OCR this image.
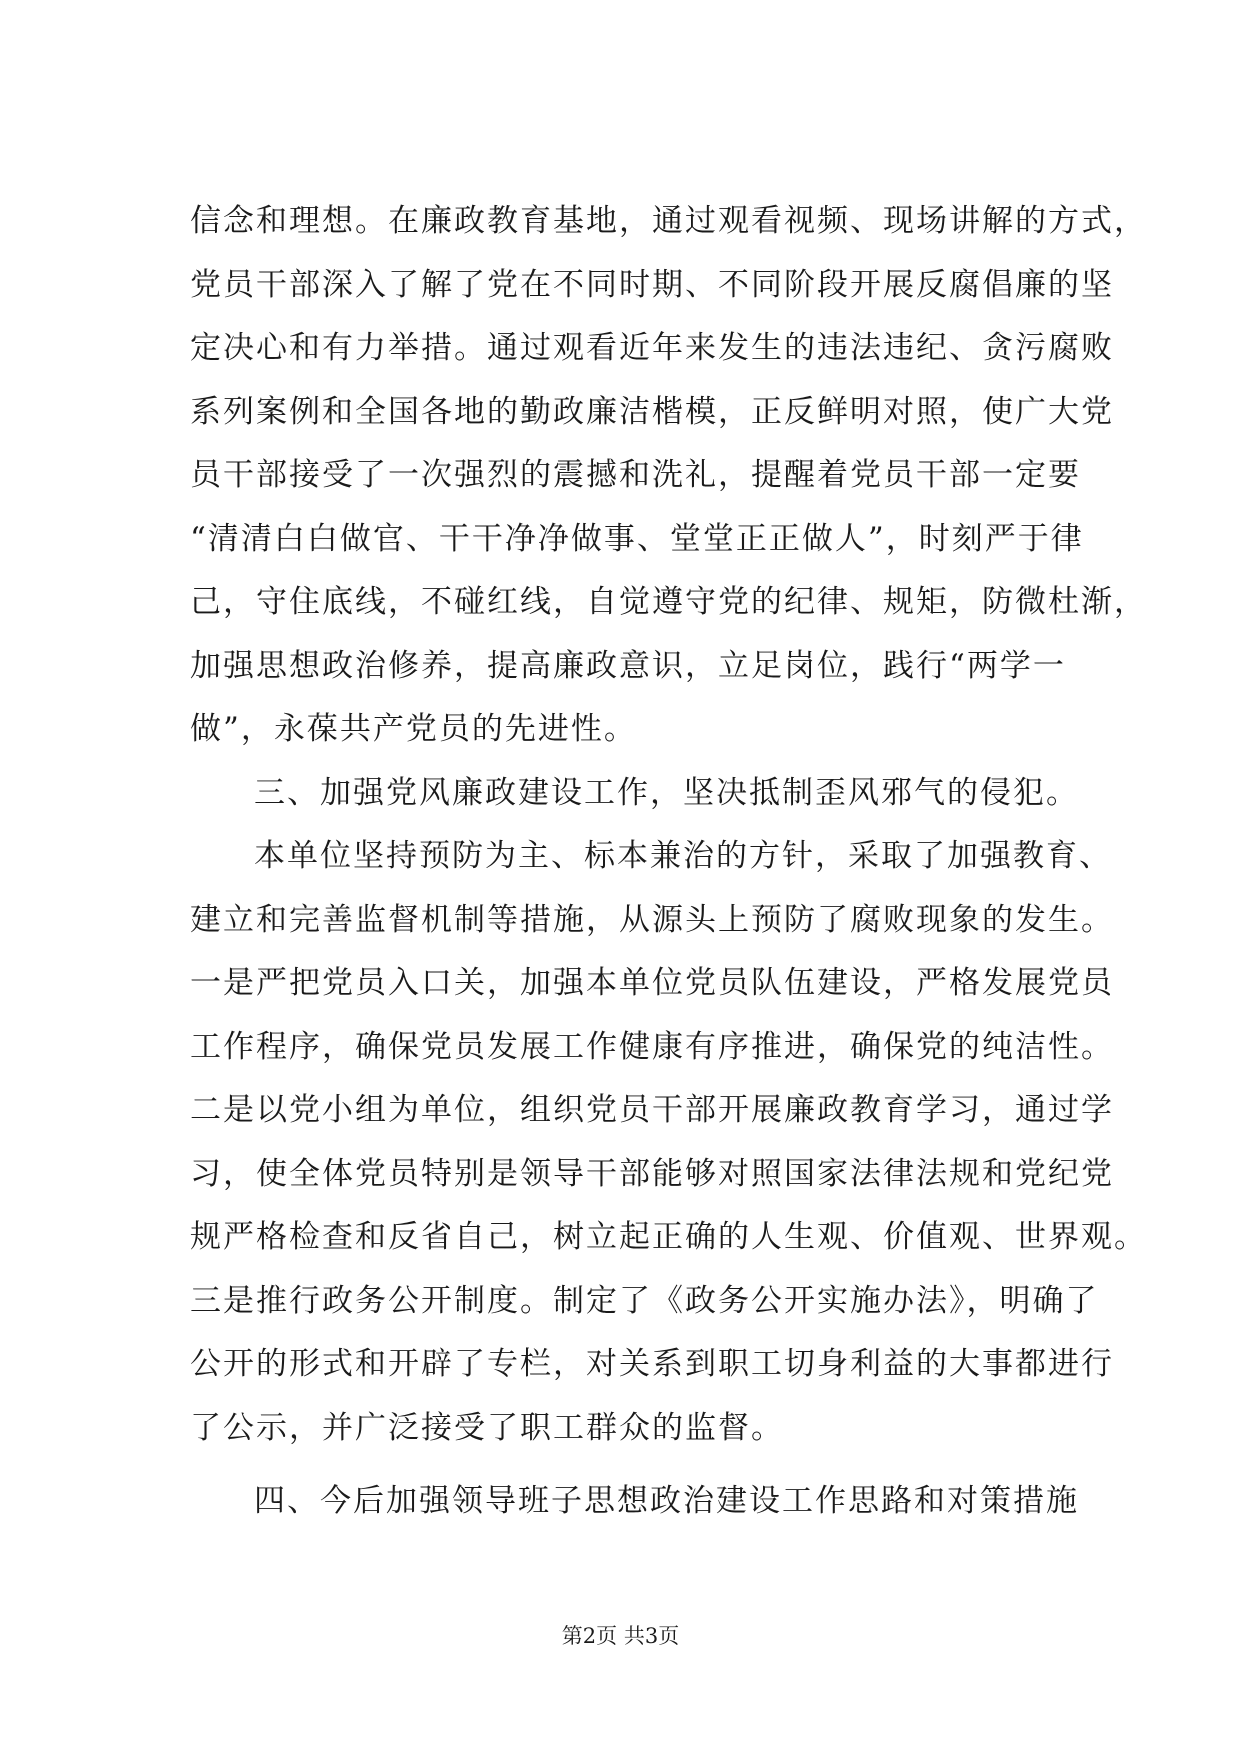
信念和理想。在廉政教育基地，通过观看视频、现场讲解的方式，
党员干部深入了解了党在不同时期、不同阶段开展反腐倡廉的坚
定决心和有力举措。通过观看近年来发生的违法违纪、贪污腐败
系列案例和全国各地的勤政廉洁楷模，正反鲜明对照，使广大党
员干部接受了一次强烈的震撼和洗礼，提醒着党员干部一定要
“清清白白做官、干干净净做事、堂堂正正做人”，时刻严于律
己，守住底线，不碰红线，自觉遵守党的纪律、规矩，防微杜渐，
加强思想政治修养，提高廉政意识，立足岗位，践行“两学一
做”，永葆共产党员的先进性。

三、加强党风廉政建设工作，坚决抵制歪风邪气的侵犯。

本单位坚持预防为主、标本兼治的方针，采取了加强教育、
建立和完善监督机制等措施，从源头上预防了腐败现象的发生。
一是严把党员入口关，加强本单位党员队伍建设，严格发展党员
工作程序，确保党员发展工作健康有序推进，确保党的纯洁性。
二是以党小组为单位，组织党员干部开展廉政教育学习，通过学
习，使全体党员特别是领导干部能够对照国家法律法规和党纪党
规严格检查和反省自己，树立起正确的人生观、价值观、世界观。
三是推行政务公开制度。制定了《政务公开实施办法》，明确了
公开的形式和开辟了专栏，对关系到职工切身利益的大事都进行
了公示，并广泛接受了职工群众的监督。

四、今后加强领导班子思想政治建设工作思路和对策措施

第2页 共3页
